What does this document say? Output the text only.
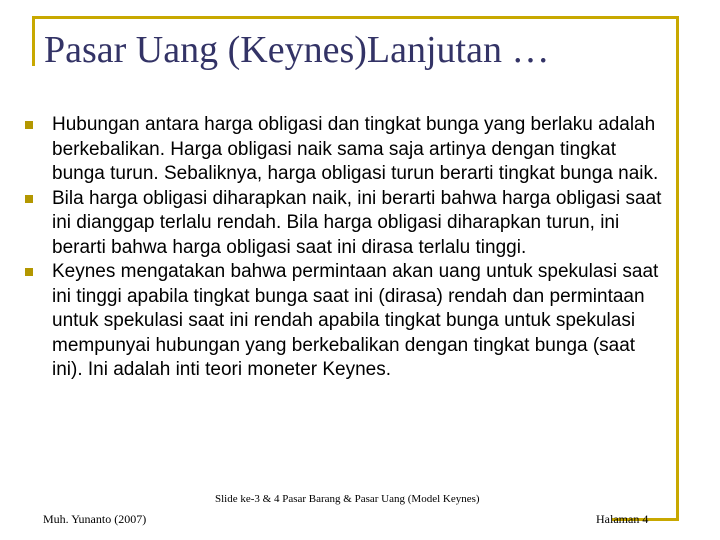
Pasar Uang (Keynes)Lanjutan …
Hubungan antara harga obligasi dan tingkat bunga yang berlaku adalah berkebalikan. Harga obligasi naik sama saja artinya dengan tingkat bunga turun. Sebaliknya, harga obligasi turun berarti tingkat bunga naik.
Bila harga obligasi diharapkan naik, ini berarti bahwa harga obligasi saat ini dianggap terlalu rendah. Bila harga obligasi diharapkan turun, ini berarti bahwa harga obligasi saat ini dirasa terlalu tinggi.
Keynes mengatakan bahwa permintaan akan uang untuk spekulasi saat ini tinggi apabila tingkat bunga saat ini (dirasa) rendah dan permintaan untuk spekulasi saat ini rendah apabila tingkat bunga untuk spekulasi mempunyai hubungan yang berkebalikan dengan tingkat bunga (saat ini). Ini adalah inti teori moneter Keynes.
Slide ke-3 & 4 Pasar Barang & Pasar Uang (Model Keynes)
Muh. Yunanto (2007)	Halaman 4
